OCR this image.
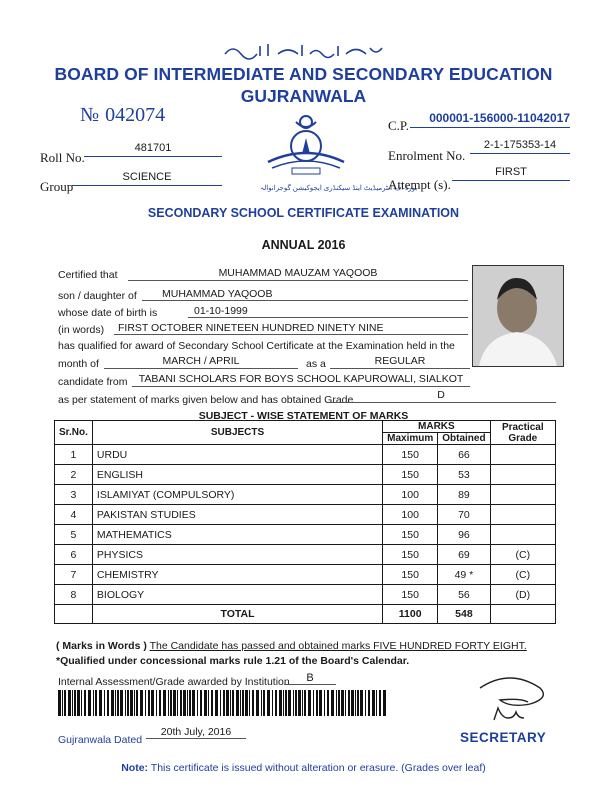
BOARD OF INTERMEDIATE AND SECONDARY EDUCATION
GUJRANWALA
№ 042074	C.P.	000001-156000-11042017
بورڈ آف انٹرمیڈیٹ اینڈ سیکنڈری ایجوکیشن گوجرانوالہ
Roll No.
481701
Group
SCIENCE
Enrolment No.
2-1-175353-14
Attempt (s).
FIRST
SECONDARY SCHOOL CERTIFICATE EXAMINATION
ANNUAL 2016
Certified that	MUHAMMAD MAUZAM YAQOOB
son / daughter of	MUHAMMAD YAQOOB
whose date of birth is	01-10-1999
(in words)	FIRST OCTOBER NINETEEN HUNDRED NINETY NINE
has qualified for award of Secondary School Certificate at the Examination held in the
month of	MARCH / APRIL	as a	REGULAR
candidate from	TABANI SCHOLARS FOR BOYS SCHOOL KAPUROWALI, SIALKOT
as per statement of marks given below and has obtained Grade	D
SUBJECT - WISE STATEMENT OF MARKS
Sr.No.	SUBJECTS	MARKS		Practical Grade
		Maximum	Obtained	
1	URDU	150	66	
2	ENGLISH	150	53	
3	ISLAMIYAT (COMPULSORY)	100	89	
4	PAKISTAN STUDIES	100	70	
5	MATHEMATICS	150	96	
6	PHYSICS	150	69	(C)
7	CHEMISTRY	150	49 *	(C)
8	BIOLOGY	150	56	(D)
	TOTAL	1100	548	
( Marks in Words ) The Candidate has passed and obtained marks FIVE HUNDRED FORTY EIGHT.
*Qualified under concessional marks rule 1.21 of the Board's Calendar.
Internal Assessment/Grade awarded by Institution	B
SECRETARY
Gujranwala Dated
20th July, 2016
Note: This certificate is issued without alteration or erasure. (Grades over leaf)
